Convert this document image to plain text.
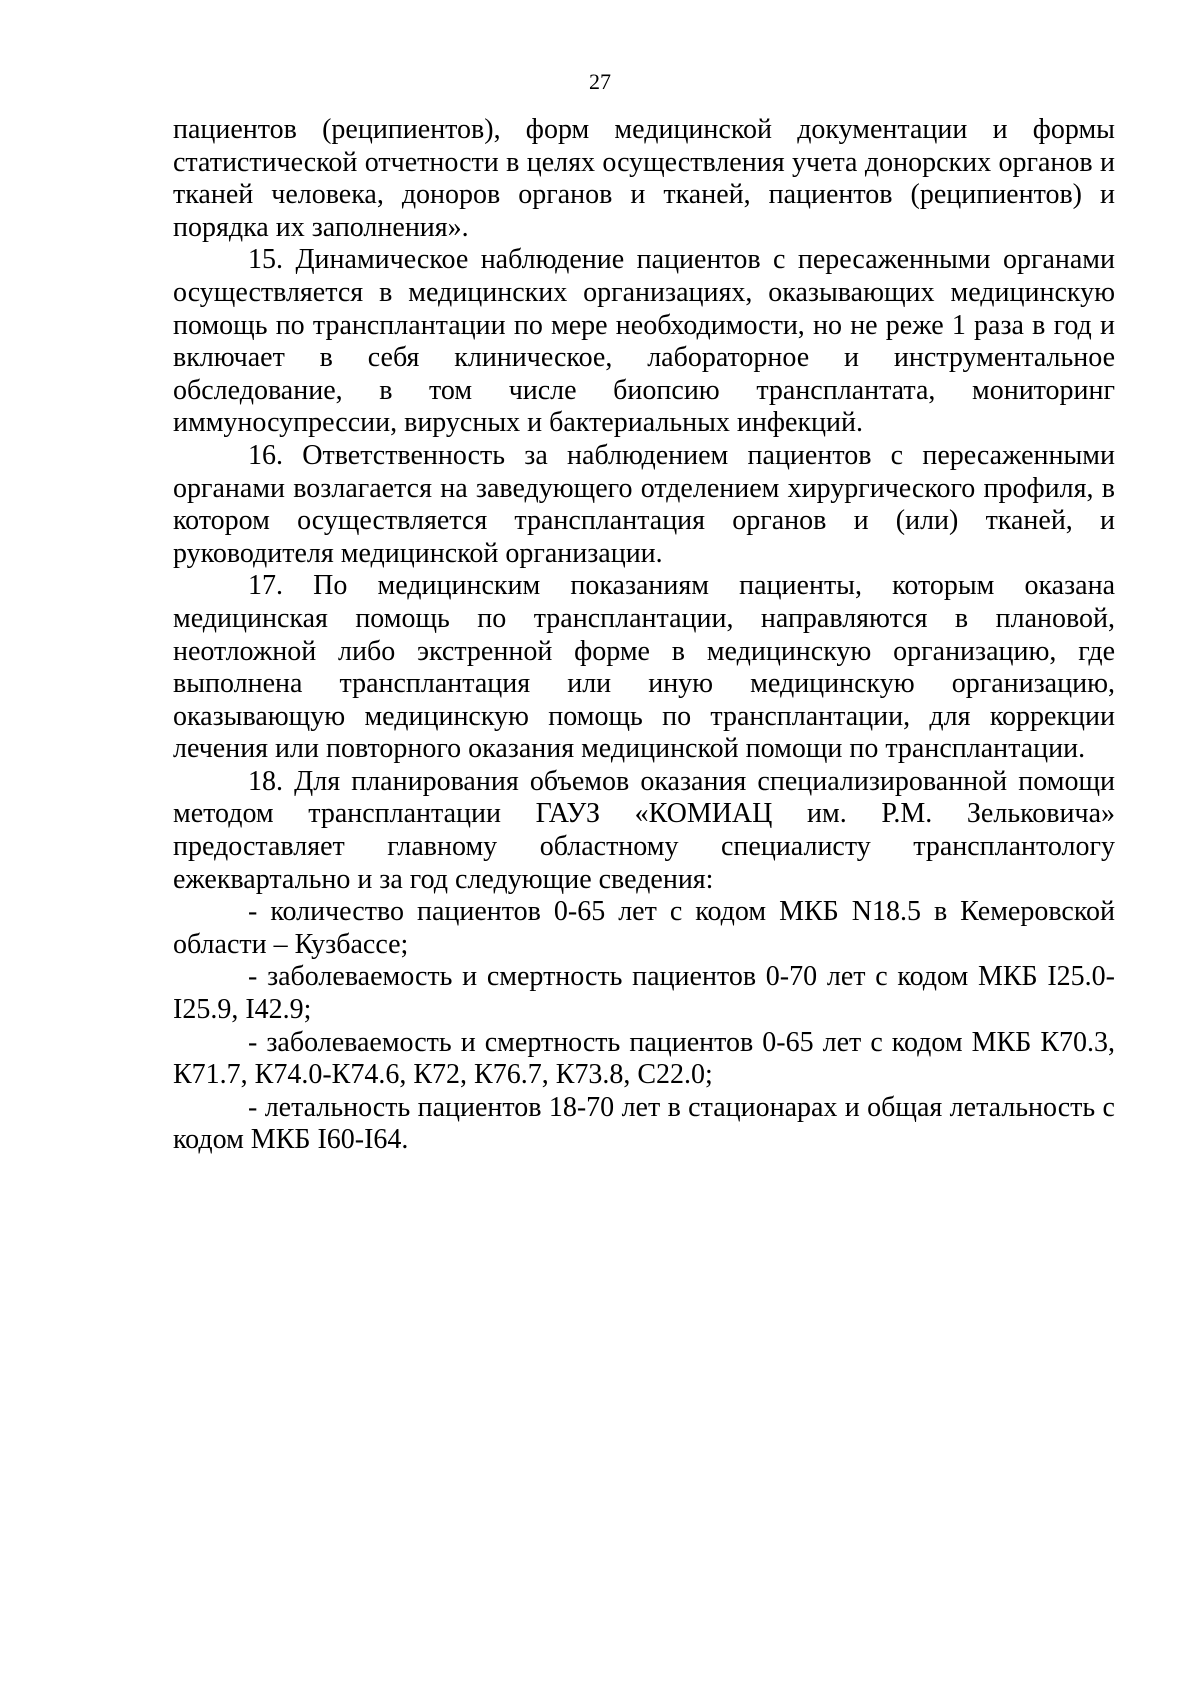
27

пациентов (реципиентов), форм медицинской документации и формы статистической отчетности в целях осуществления учета донорских органов и тканей человека, доноров органов и тканей, пациентов (реципиентов) и порядка их заполнения».

15. Динамическое наблюдение пациентов с пересаженными органами осуществляется в медицинских организациях, оказывающих медицинскую помощь по трансплантации по мере необходимости, но не реже 1 раза в год и включает в себя клиническое, лабораторное и инструментальное обследование, в том числе биопсию трансплантата, мониторинг иммуносупрессии, вирусных и бактериальных инфекций.

16. Ответственность за наблюдением пациентов с пересаженными органами возлагается на заведующего отделением хирургического профиля, в котором осуществляется трансплантация органов и (или) тканей, и руководителя медицинской организации.

17. По медицинским показаниям пациенты, которым оказана медицинская помощь по трансплантации, направляются в плановой, неотложной либо экстренной форме в медицинскую организацию, где выполнена трансплантация или иную медицинскую организацию, оказывающую медицинскую помощь по трансплантации, для коррекции лечения или повторного оказания медицинской помощи по трансплантации.

18. Для планирования объемов оказания специализированной помощи методом трансплантации ГАУЗ «КОМИАЦ им. Р.М. Зельковича» предоставляет главному областному специалисту трансплантологу ежеквартально и за год следующие сведения:

- количество пациентов 0-65 лет с кодом МКБ N18.5 в Кемеровской области – Кузбассе;

- заболеваемость и смертность пациентов 0-70 лет с кодом МКБ I25.0-I25.9, I42.9;

- заболеваемость и смертность пациентов 0-65 лет с кодом МКБ К70.3, К71.7, К74.0-К74.6, К72, К76.7, К73.8, С22.0;

- летальность пациентов 18-70 лет в стационарах и общая летальность с кодом МКБ I60-I64.
